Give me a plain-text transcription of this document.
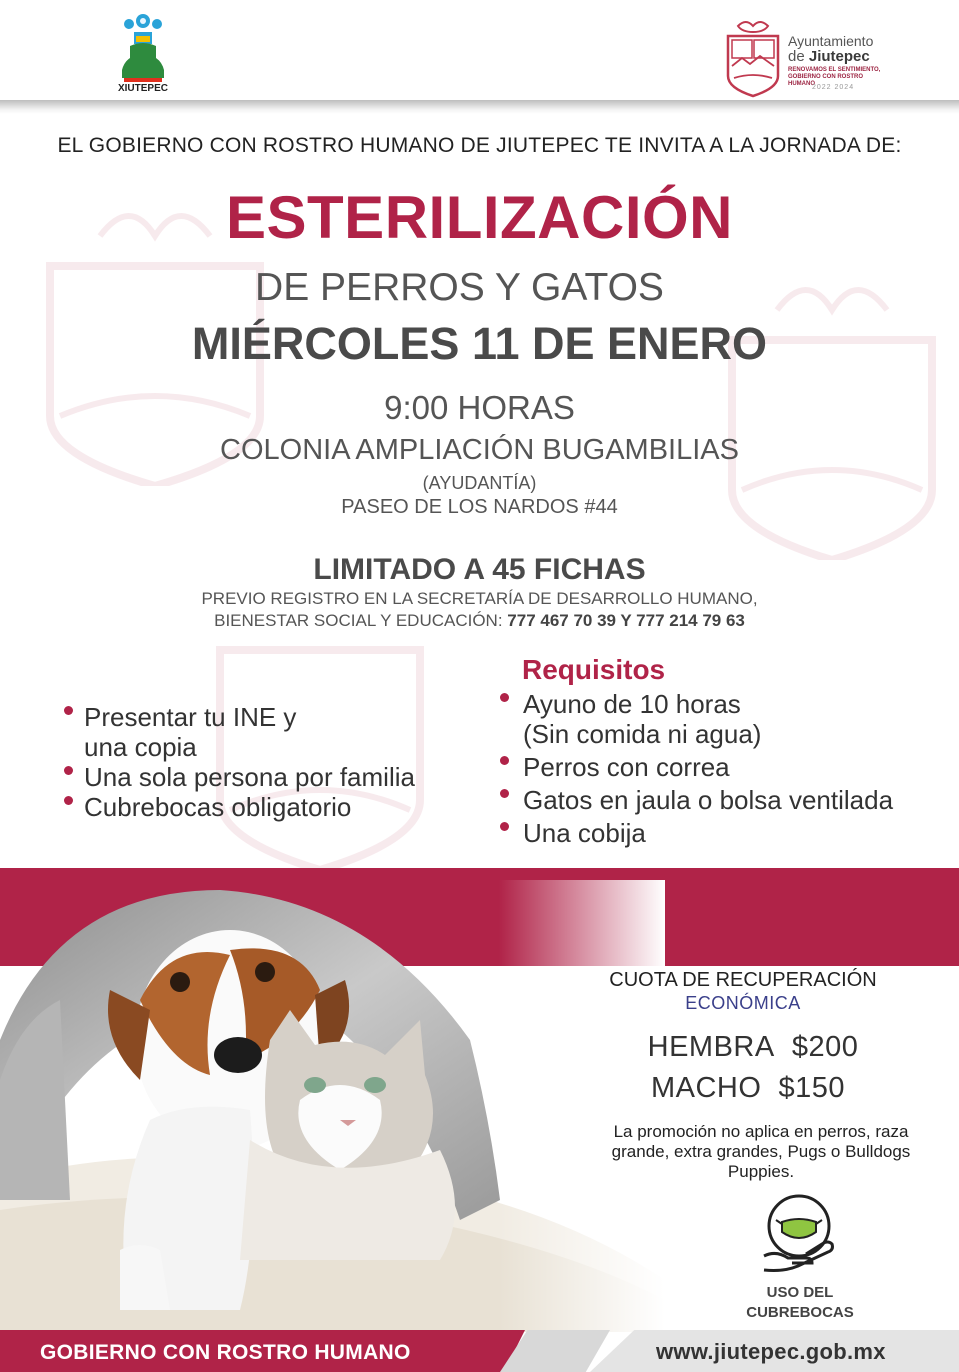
XIUTEPEC
Ayuntamiento
de Jiutepec
RENOVAMOS EL SENTIMIENTO,
GOBIERNO CON ROSTRO HUMANO
2022 2024
EL GOBIERNO CON ROSTRO HUMANO DE JIUTEPEC TE INVITA A LA JORNADA DE:
ESTERILIZACIÓN
DE PERROS Y GATOS
MIÉRCOLES 11 DE ENERO
9:00 HORAS
COLONIA AMPLIACIÓN BUGAMBILIAS
(AYUDANTÍA)
PASEO DE LOS NARDOS #44
LIMITADO A 45 FICHAS
PREVIO REGISTRO EN LA SECRETARÍA DE DESARROLLO HUMANO,
BIENESTAR SOCIAL Y EDUCACIÓN: 777 467 70 39 Y 777 214 79 63
Presentar tu INE y
una copia
Una sola persona por familia
Cubrebocas obligatorio
Requisitos
Ayuno de 10 horas
(Sin comida ni agua)
Perros con correa
Gatos en jaula o bolsa ventilada
Una cobija
CUOTA DE RECUPERACIÓN
ECONÓMICA
HEMBRA $200
MACHO $150
La promoción no aplica en perros, raza grande, extra grandes, Pugs o Bulldogs Puppies.
USO DEL
CUBREBOCAS
GOBIERNO CON ROSTRO HUMANO	www.jiutepec.gob.mx
